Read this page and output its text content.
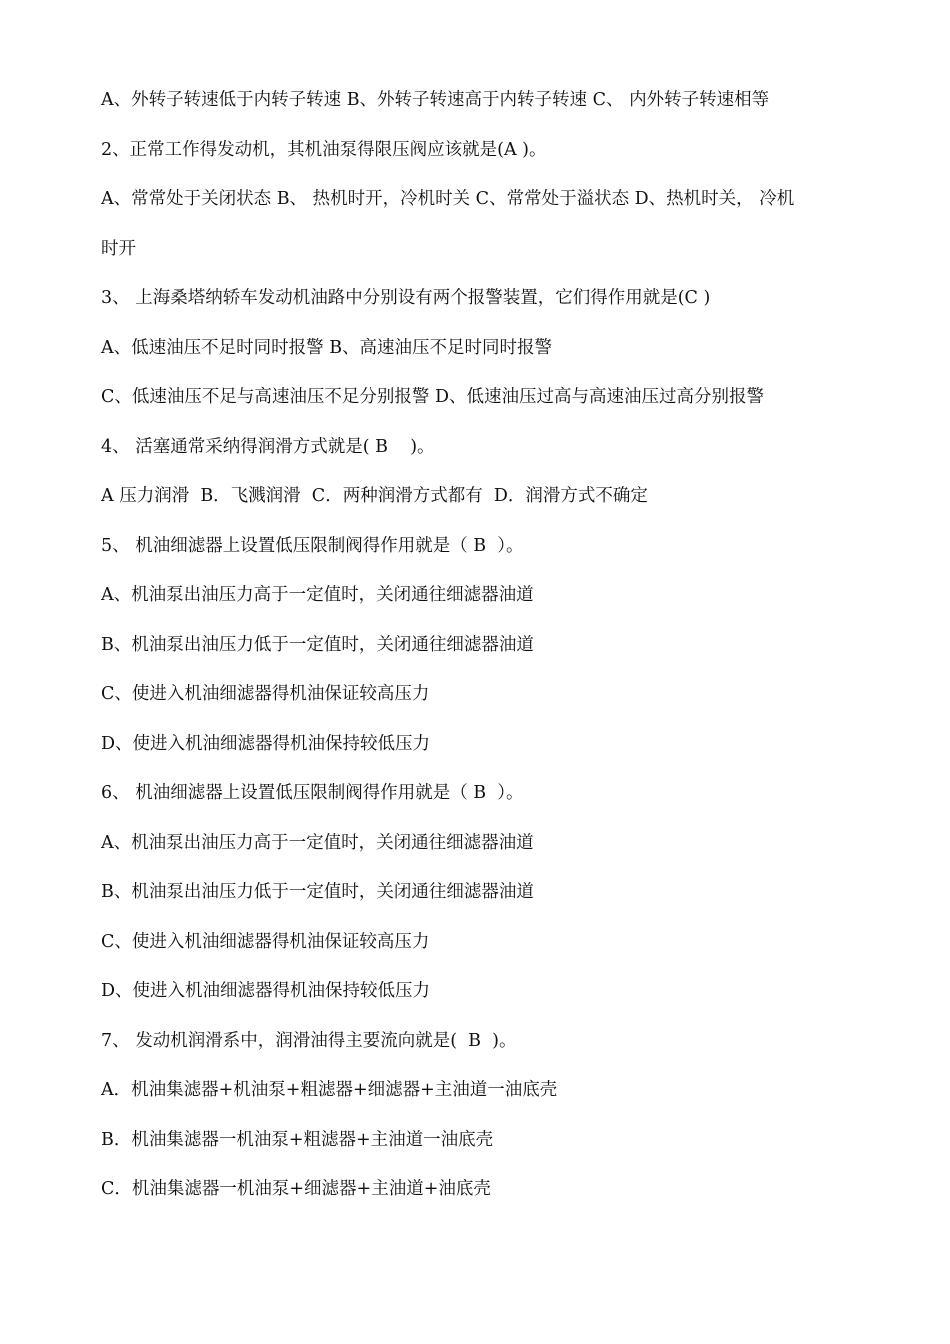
A、外转子转速低于内转子转速 B、外转子转速高于内转子转速 C、 内外转子转速相等
2、正常工作得发动机，其机油泵得限压阀应该就是(A )。
A、常常处于关闭状态 B、 热机时开，冷机时关 C、常常处于溢状态 D、热机时关， 冷机
时开
3、 上海桑塔纳轿车发动机油路中分别设有两个报警装置，它们得作用就是(C )
A、低速油压不足时同时报警 B、高速油压不足时同时报警
C、低速油压不足与高速油压不足分别报警 D、低速油压过高与高速油压过高分别报警
4、 活塞通常采纳得润滑方式就是( B    )。
A 压力润滑  B．飞溅润滑  C．两种润滑方式都有  D．润滑方式不确定
5、 机油细滤器上设置低压限制阀得作用就是（ B  ）。
A、机油泵出油压力高于一定值时，关闭通往细滤器油道
B、机油泵出油压力低于一定值时，关闭通往细滤器油道
C、使进入机油细滤器得机油保证较高压力
D、使进入机油细滤器得机油保持较低压力
6、 机油细滤器上设置低压限制阀得作用就是（ B  ）。
A、机油泵出油压力高于一定值时，关闭通往细滤器油道
B、机油泵出油压力低于一定值时，关闭通往细滤器油道
C、使进入机油细滤器得机油保证较高压力
D、使进入机油细滤器得机油保持较低压力
7、 发动机润滑系中，润滑油得主要流向就是(  B  )。
A．机油集滤器+机油泵+粗滤器+细滤器+主油道一油底壳
B．机油集滤器一机油泵+粗滤器+主油道一油底壳
C．机油集滤器一机油泵+细滤器+主油道+油底壳
